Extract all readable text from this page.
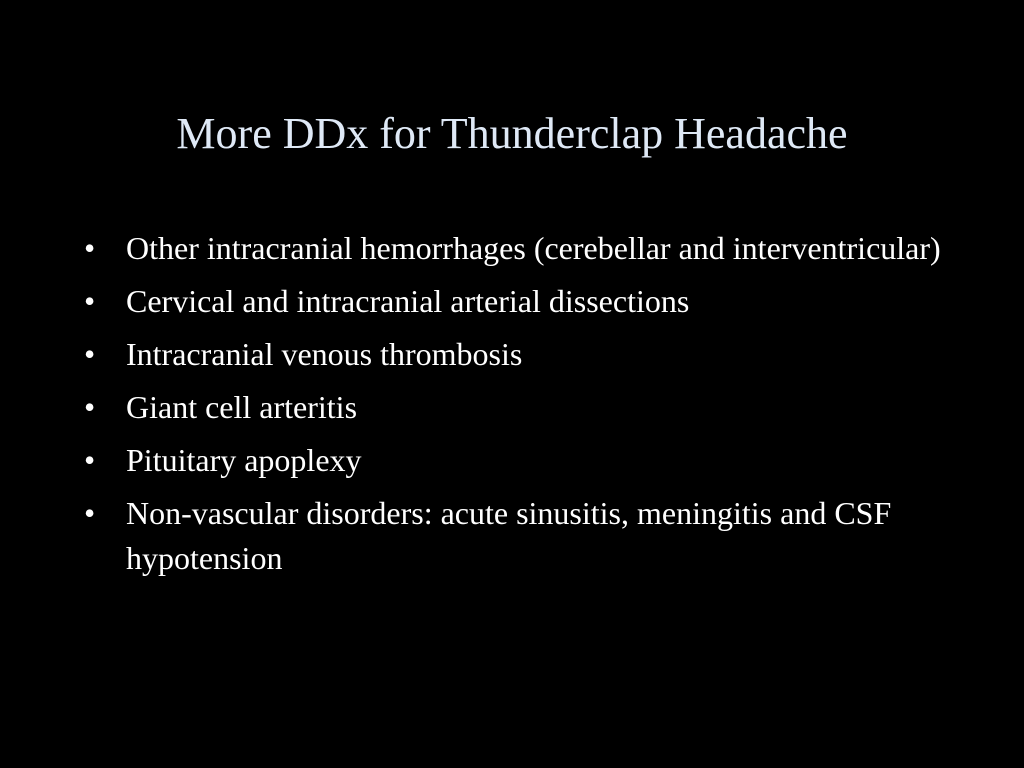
More DDx for Thunderclap Headache
• Other intracranial hemorrhages (cerebellar and interventricular)
• Cervical and intracranial arterial dissections
• Intracranial venous thrombosis
• Giant cell arteritis
• Pituitary apoplexy
• Non-vascular disorders: acute sinusitis, meningitis and CSF hypotension
